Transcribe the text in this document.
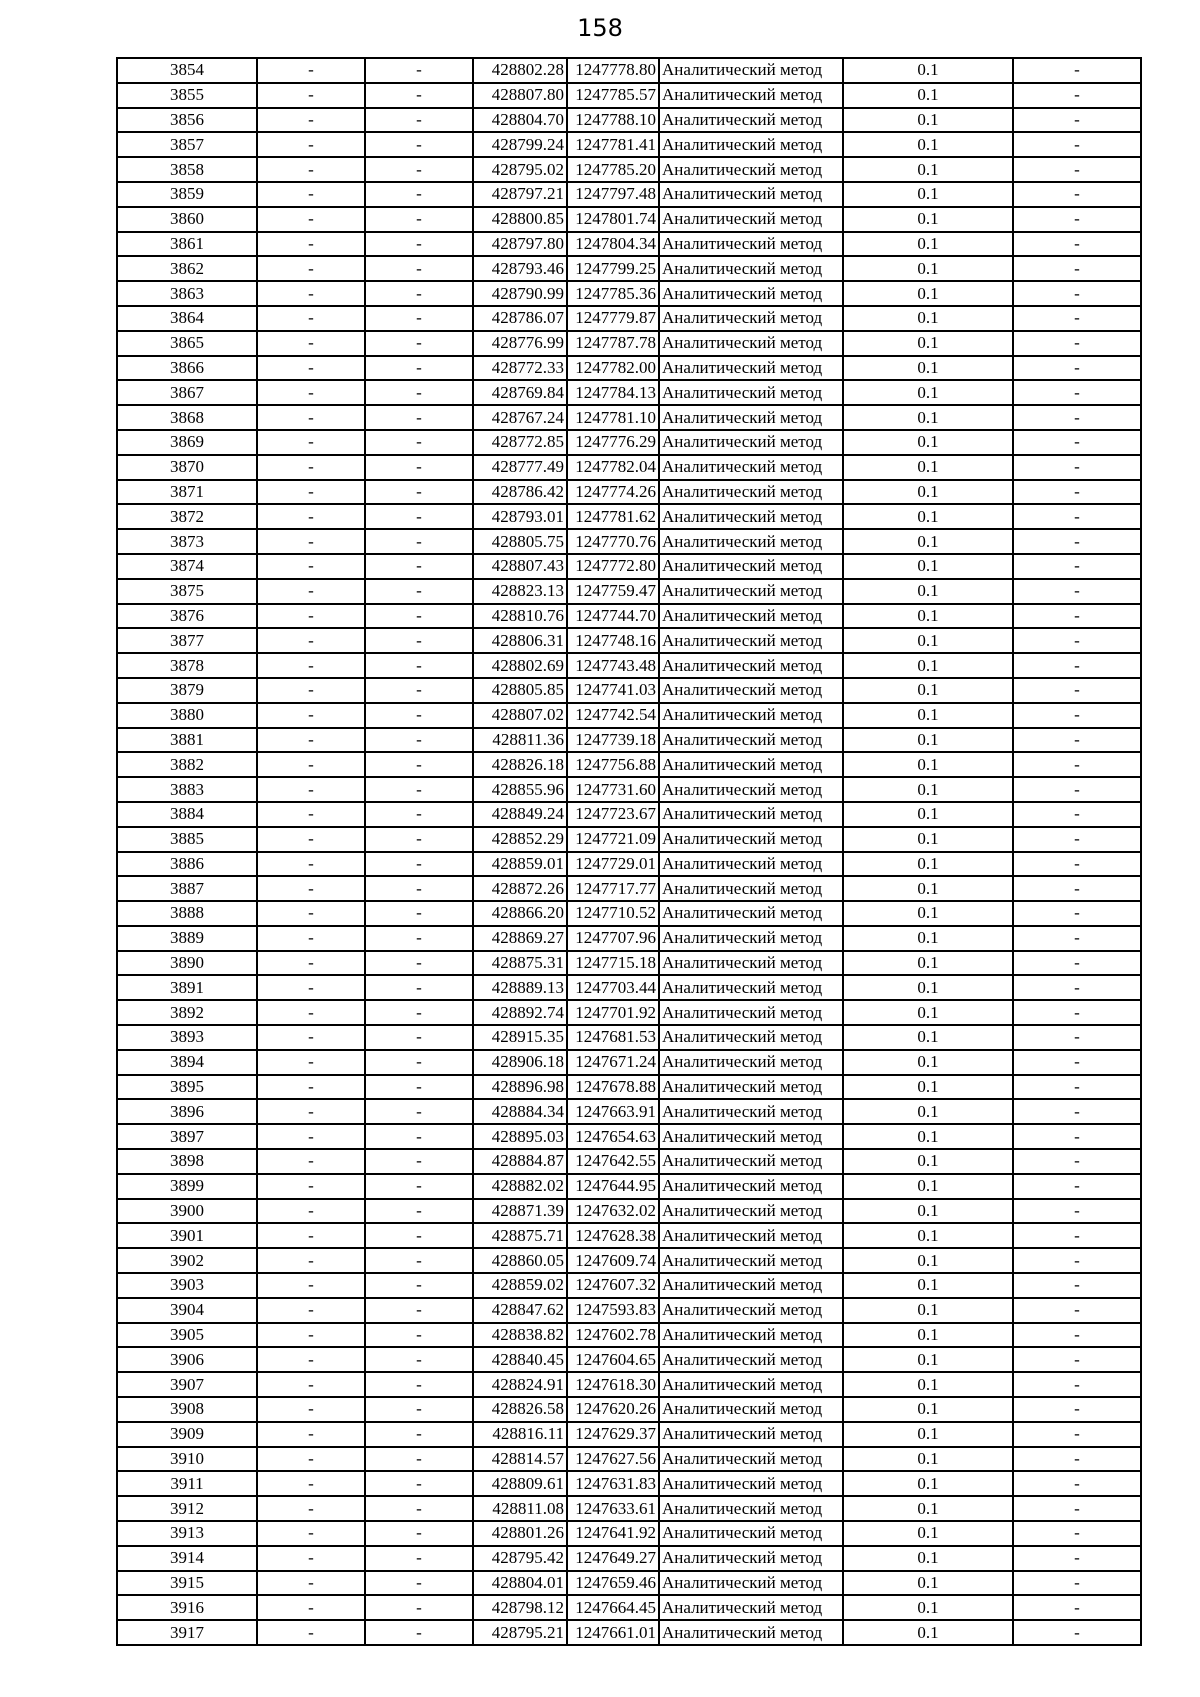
158
3854	-	-	428802.28	1247778.80	Аналитический метод	0.1	-
3855	-	-	428807.80	1247785.57	Аналитический метод	0.1	-
3856	-	-	428804.70	1247788.10	Аналитический метод	0.1	-
3857	-	-	428799.24	1247781.41	Аналитический метод	0.1	-
3858	-	-	428795.02	1247785.20	Аналитический метод	0.1	-
3859	-	-	428797.21	1247797.48	Аналитический метод	0.1	-
3860	-	-	428800.85	1247801.74	Аналитический метод	0.1	-
3861	-	-	428797.80	1247804.34	Аналитический метод	0.1	-
3862	-	-	428793.46	1247799.25	Аналитический метод	0.1	-
3863	-	-	428790.99	1247785.36	Аналитический метод	0.1	-
3864	-	-	428786.07	1247779.87	Аналитический метод	0.1	-
3865	-	-	428776.99	1247787.78	Аналитический метод	0.1	-
3866	-	-	428772.33	1247782.00	Аналитический метод	0.1	-
3867	-	-	428769.84	1247784.13	Аналитический метод	0.1	-
3868	-	-	428767.24	1247781.10	Аналитический метод	0.1	-
3869	-	-	428772.85	1247776.29	Аналитический метод	0.1	-
3870	-	-	428777.49	1247782.04	Аналитический метод	0.1	-
3871	-	-	428786.42	1247774.26	Аналитический метод	0.1	-
3872	-	-	428793.01	1247781.62	Аналитический метод	0.1	-
3873	-	-	428805.75	1247770.76	Аналитический метод	0.1	-
3874	-	-	428807.43	1247772.80	Аналитический метод	0.1	-
3875	-	-	428823.13	1247759.47	Аналитический метод	0.1	-
3876	-	-	428810.76	1247744.70	Аналитический метод	0.1	-
3877	-	-	428806.31	1247748.16	Аналитический метод	0.1	-
3878	-	-	428802.69	1247743.48	Аналитический метод	0.1	-
3879	-	-	428805.85	1247741.03	Аналитический метод	0.1	-
3880	-	-	428807.02	1247742.54	Аналитический метод	0.1	-
3881	-	-	428811.36	1247739.18	Аналитический метод	0.1	-
3882	-	-	428826.18	1247756.88	Аналитический метод	0.1	-
3883	-	-	428855.96	1247731.60	Аналитический метод	0.1	-
3884	-	-	428849.24	1247723.67	Аналитический метод	0.1	-
3885	-	-	428852.29	1247721.09	Аналитический метод	0.1	-
3886	-	-	428859.01	1247729.01	Аналитический метод	0.1	-
3887	-	-	428872.26	1247717.77	Аналитический метод	0.1	-
3888	-	-	428866.20	1247710.52	Аналитический метод	0.1	-
3889	-	-	428869.27	1247707.96	Аналитический метод	0.1	-
3890	-	-	428875.31	1247715.18	Аналитический метод	0.1	-
3891	-	-	428889.13	1247703.44	Аналитический метод	0.1	-
3892	-	-	428892.74	1247701.92	Аналитический метод	0.1	-
3893	-	-	428915.35	1247681.53	Аналитический метод	0.1	-
3894	-	-	428906.18	1247671.24	Аналитический метод	0.1	-
3895	-	-	428896.98	1247678.88	Аналитический метод	0.1	-
3896	-	-	428884.34	1247663.91	Аналитический метод	0.1	-
3897	-	-	428895.03	1247654.63	Аналитический метод	0.1	-
3898	-	-	428884.87	1247642.55	Аналитический метод	0.1	-
3899	-	-	428882.02	1247644.95	Аналитический метод	0.1	-
3900	-	-	428871.39	1247632.02	Аналитический метод	0.1	-
3901	-	-	428875.71	1247628.38	Аналитический метод	0.1	-
3902	-	-	428860.05	1247609.74	Аналитический метод	0.1	-
3903	-	-	428859.02	1247607.32	Аналитический метод	0.1	-
3904	-	-	428847.62	1247593.83	Аналитический метод	0.1	-
3905	-	-	428838.82	1247602.78	Аналитический метод	0.1	-
3906	-	-	428840.45	1247604.65	Аналитический метод	0.1	-
3907	-	-	428824.91	1247618.30	Аналитический метод	0.1	-
3908	-	-	428826.58	1247620.26	Аналитический метод	0.1	-
3909	-	-	428816.11	1247629.37	Аналитический метод	0.1	-
3910	-	-	428814.57	1247627.56	Аналитический метод	0.1	-
3911	-	-	428809.61	1247631.83	Аналитический метод	0.1	-
3912	-	-	428811.08	1247633.61	Аналитический метод	0.1	-
3913	-	-	428801.26	1247641.92	Аналитический метод	0.1	-
3914	-	-	428795.42	1247649.27	Аналитический метод	0.1	-
3915	-	-	428804.01	1247659.46	Аналитический метод	0.1	-
3916	-	-	428798.12	1247664.45	Аналитический метод	0.1	-
3917	-	-	428795.21	1247661.01	Аналитический метод	0.1	-
